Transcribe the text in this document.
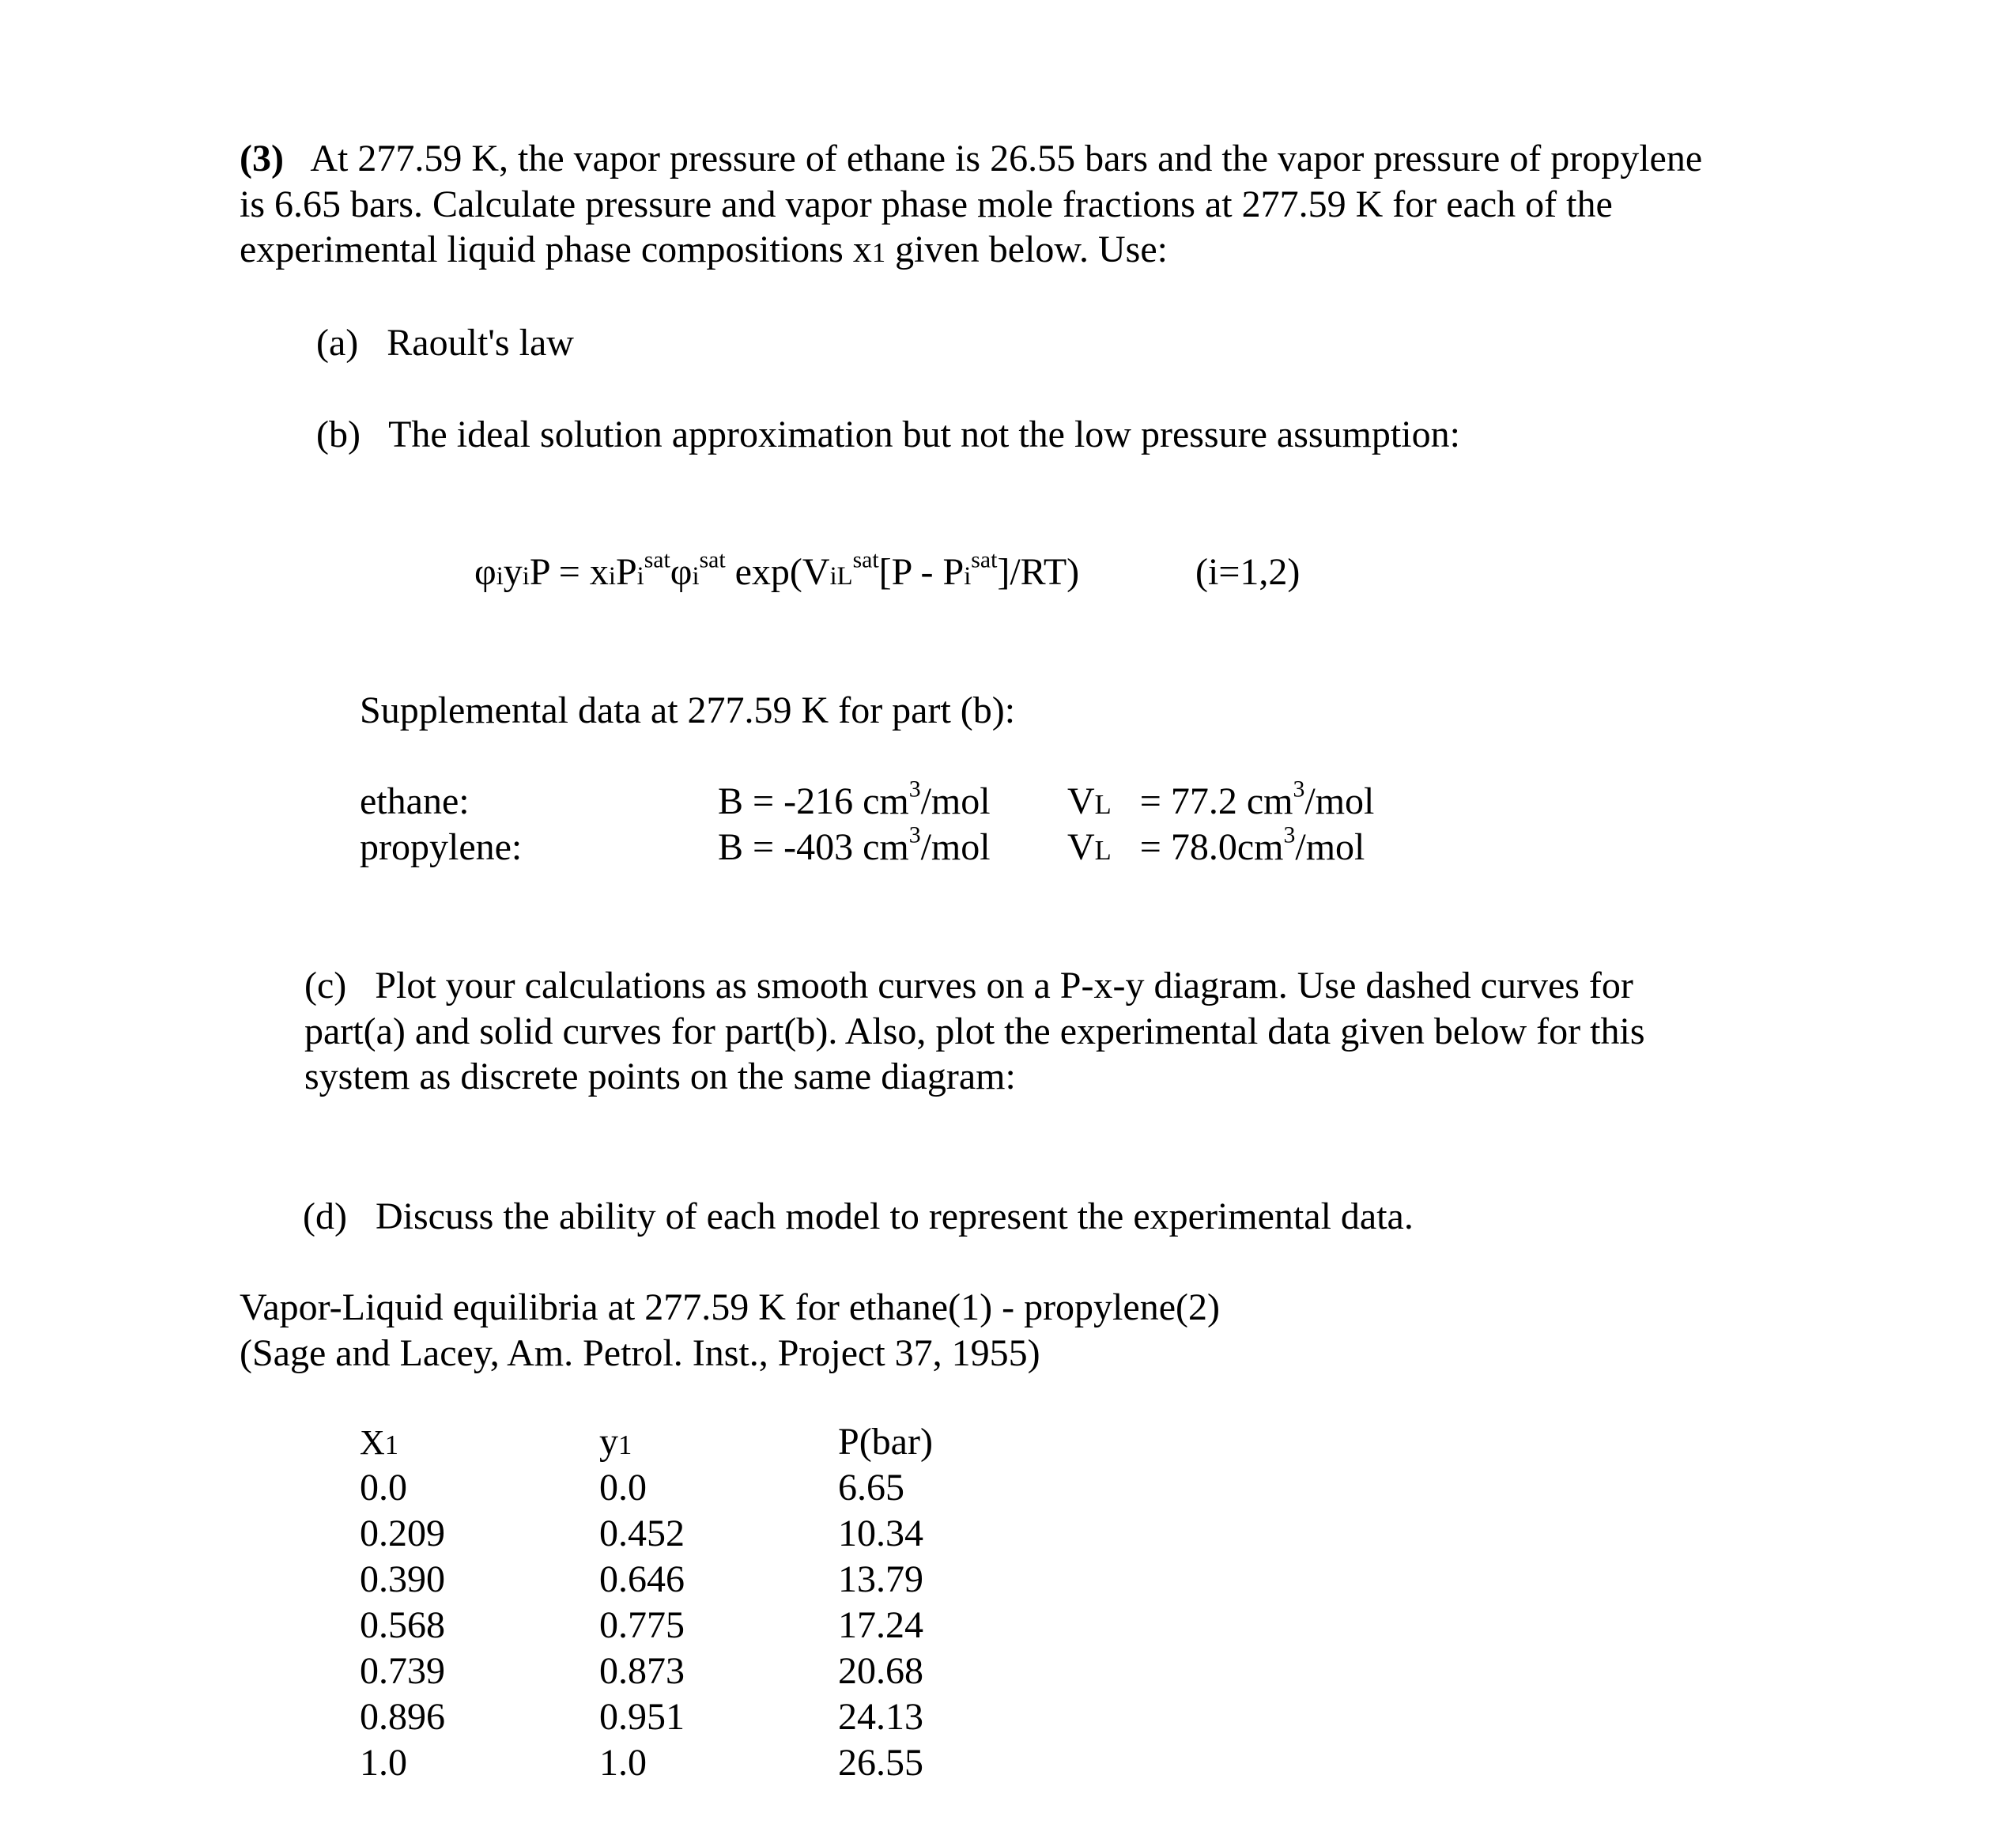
(3) At 277.59 K, the vapor pressure of ethane is 26.55 bars and the vapor pressure of propylene

is 6.65 bars. Calculate pressure and vapor phase mole fractions at 277.59 K for each of the

experimental liquid phase compositions x1 given below. Use:

(a) Raoult's law
(b) The ideal solution approximation but not the low pressure assumption:
φiyiP = $xiPi^{sat}\varphi i^{sat}$ $\exp(ViL^{sat}[P - Pi^{sat}]/RT)$	(i=1,2)
Supplemental data at 277.59 K for part (b):
ethane:	B = -216 $cm^3$/mol VL = 77.2 $cm^3$/mol
propylene:	B = -403 $cm^3$/mol VL = $78.0cm^3$/mol

(c) Plot your calculations as smooth curves on a P-x-y diagram. Use dashed curves for

part(a) and solid curves for part(b). Also, plot the experimental data given below for this

system as discrete points on the same diagram:

(d) Discuss the ability of each model to represent the experimental data.

Vapor-Liquid equilibria at 277.59 K for ethane(1) - propylene(2)

(Sage and Lacey, Am. Petrol. Inst., Project 37, 1955)

X1	y1	P(bar)
0.0	0.0	6.65
0.209	0.452	10.34
0.390	0.646	13.79
0.568	0.775	17.24
0.739	0.873	20.68
0.896	0.951	24.13
1.0	1.0	26.55
